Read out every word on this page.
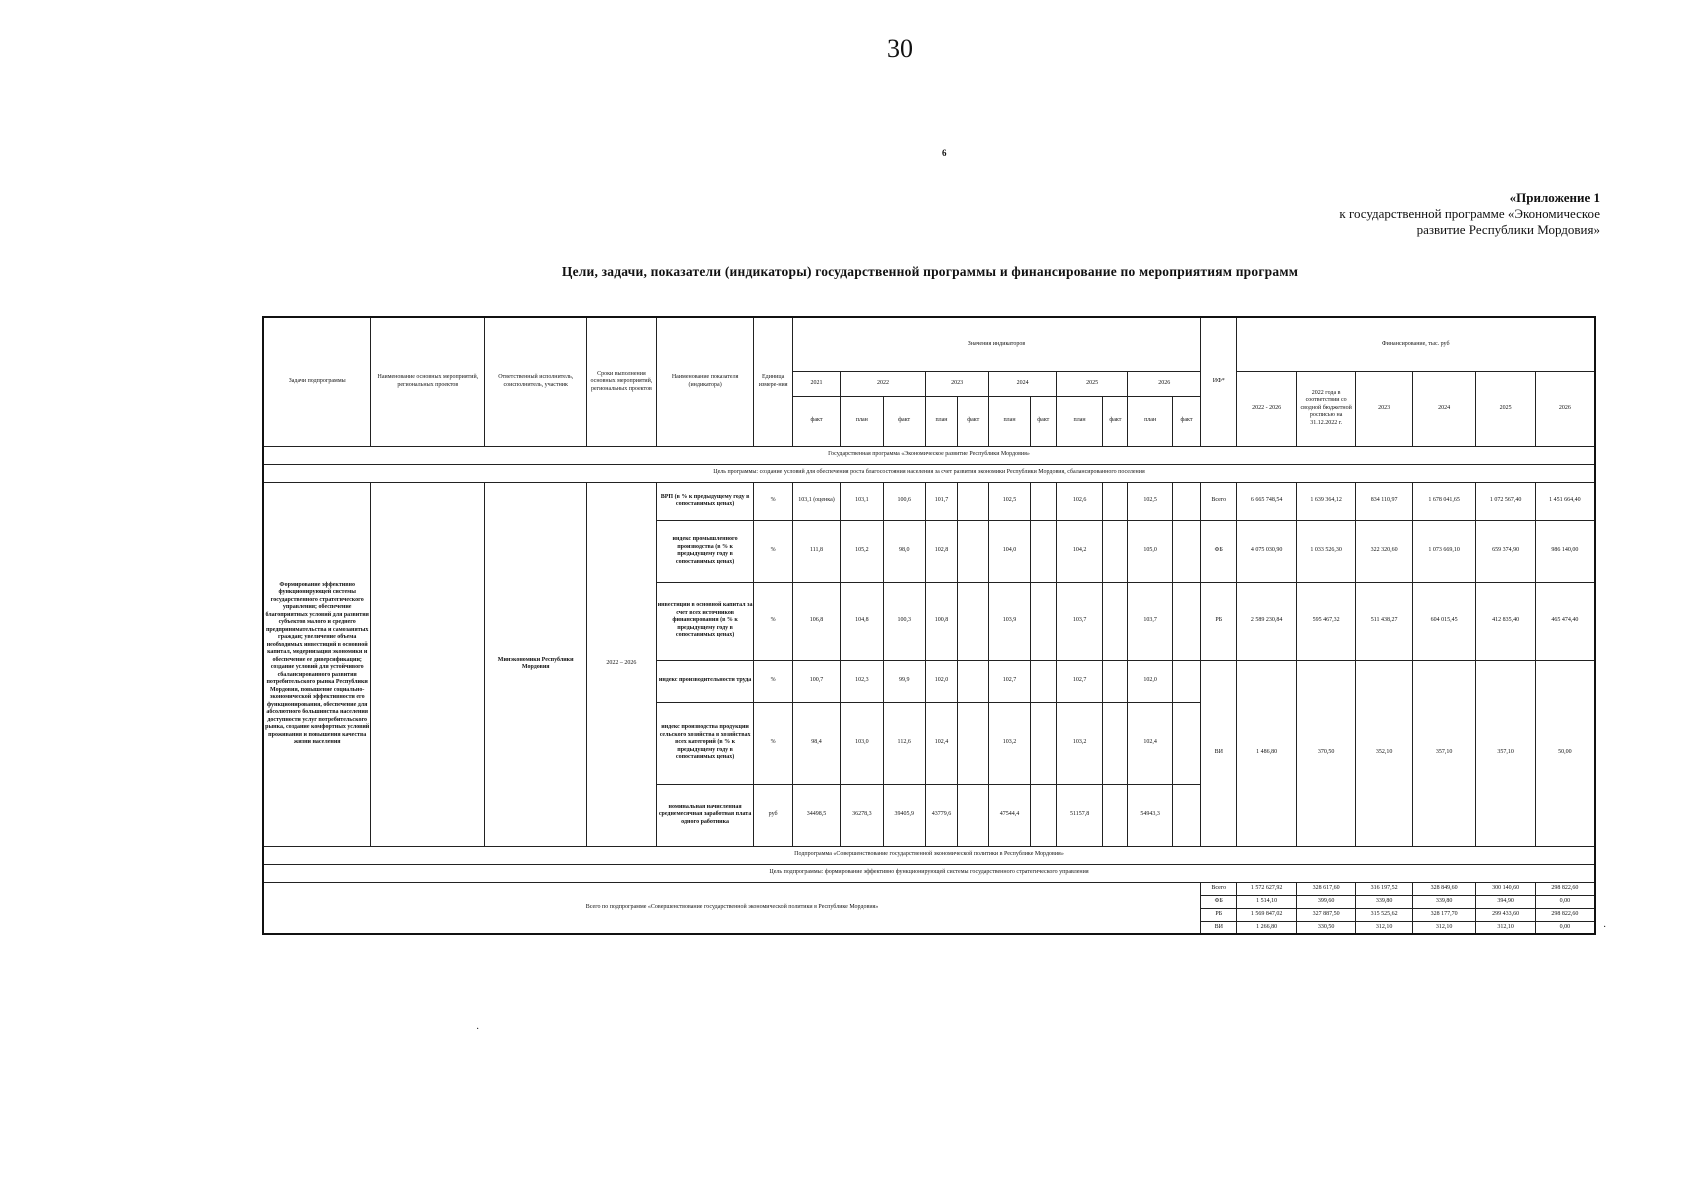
30
6
«Приложение 1
к государственной программе «Экономическое
развитие Республики Мордовия»
Цели, задачи, показатели (индикаторы) государственной программы и финансирование по мероприятиям программ
Задачи подпрограммы	Наименование основных мероприятий, региональных проектов	Ответственный исполнитель, соисполнитель, участник	Сроки выполнения основных мероприятий, региональных проектов	Наименование показателя (индикатора)	Единица измере-ния	Значения индикаторов											ИФ*	Финансирование, тыс. руб					
						2021	2022		2023		2024		2025		2026			2022 - 2026	2022 года в соответствии со сводной бюджетной росписью на 31.12.2022 г.	2023	2024	2025	2026
						факт	план	факт	план	факт	план	факт	план	факт	план	факт							
Государственная программа «Экономическое развитие Республики Мордовия»																							
Цель программы: создание условий для обеспечения роста благосостояния населения за счет развития экономики Республики Мордовия, сбалансированного поселения																							
Формирование эффективно функционирующей системы государственного стратегического управления; обеспечение благоприятных условий для развития субъектов малого и среднего предпринимательства и самозанятых граждан; увеличение объема необходимых инвестиций в основной капитал, модернизация экономики и обеспечение ее диверсификации; создание условий для устойчивого сбалансированного развития потребительского рынка Республики Мордовия, повышение социально-экономической эффективности его функционирования, обеспечение для абсолютного большинства населения доступности услуг потребительского рынка, создание комфортных условий проживания и повышения качества жизни населения		Минэкономики Республики Мордовия	2022 – 2026	ВРП (в % к предыдущему году в сопоставимых ценах)	%	103,1 (оценка)	103,1	100,6	101,7		102,5		102,6		102,5		Всего	6 665 748,54	1 639 364,12	834 110,97	1 678 041,65	1 072 567,40	1 451 664,40
				индекс промышленного производства (в % к предыдущему году в сопоставимых ценах)	%	111,8	105,2	98,0	102,8		104,0		104,2		105,0		ФБ	4 075 030,90	1 033 526,30	322 320,60	1 073 669,10	659 374,90	986 140,00
				инвестиции в основной капитал за счет всех источников финансирования (в % к предыдущему году в сопоставимых ценах)	%	106,8	104,8	100,3	100,8		103,9		103,7		103,7		РБ	2 589 230,84	595 467,32	511 438,27	604 015,45	412 835,40	465 474,40
				индекс производительности труда	%	100,7	102,3	99,9	102,0		102,7		102,7		102,0		ВИ	1 486,80	370,50	352,10	357,10	357,10	50,00
				индекс производства продукции сельского хозяйства в хозяйствах всех категорий (в % к предыдущему году в сопоставимых ценах)	%	98,4	103,0	112,6	102,4		103,2		103,2		102,4								
				номинальная начисленная среднемесячная заработная плата одного работника	руб	34498,5	36278,3	39405,9	43779,6		47544,4		51157,8		54943,3								
Подпрограмма «Совершенствование государственной экономической политики в Республике Мордовия»																							
Цель подпрограммы: формирование эффективно функционирующей системы государственного стратегического управления																							
Всего по подпрограмме «Совершенствование государственной экономической политики в Республике Мордовия»																	Всего	1 572 627,92	328 617,60	316 197,52	328 849,60	300 140,60	298 822,60
																	ФБ	1 514,10	399,60	339,80	339,80	394,90	0,00
																	РБ	1 569 847,02	327 887,50	315 525,62	328 177,70	299 433,60	298 822,60
																	ВИ	1 266,80	330,50	312,10	312,10	312,10	0,00
·
·
